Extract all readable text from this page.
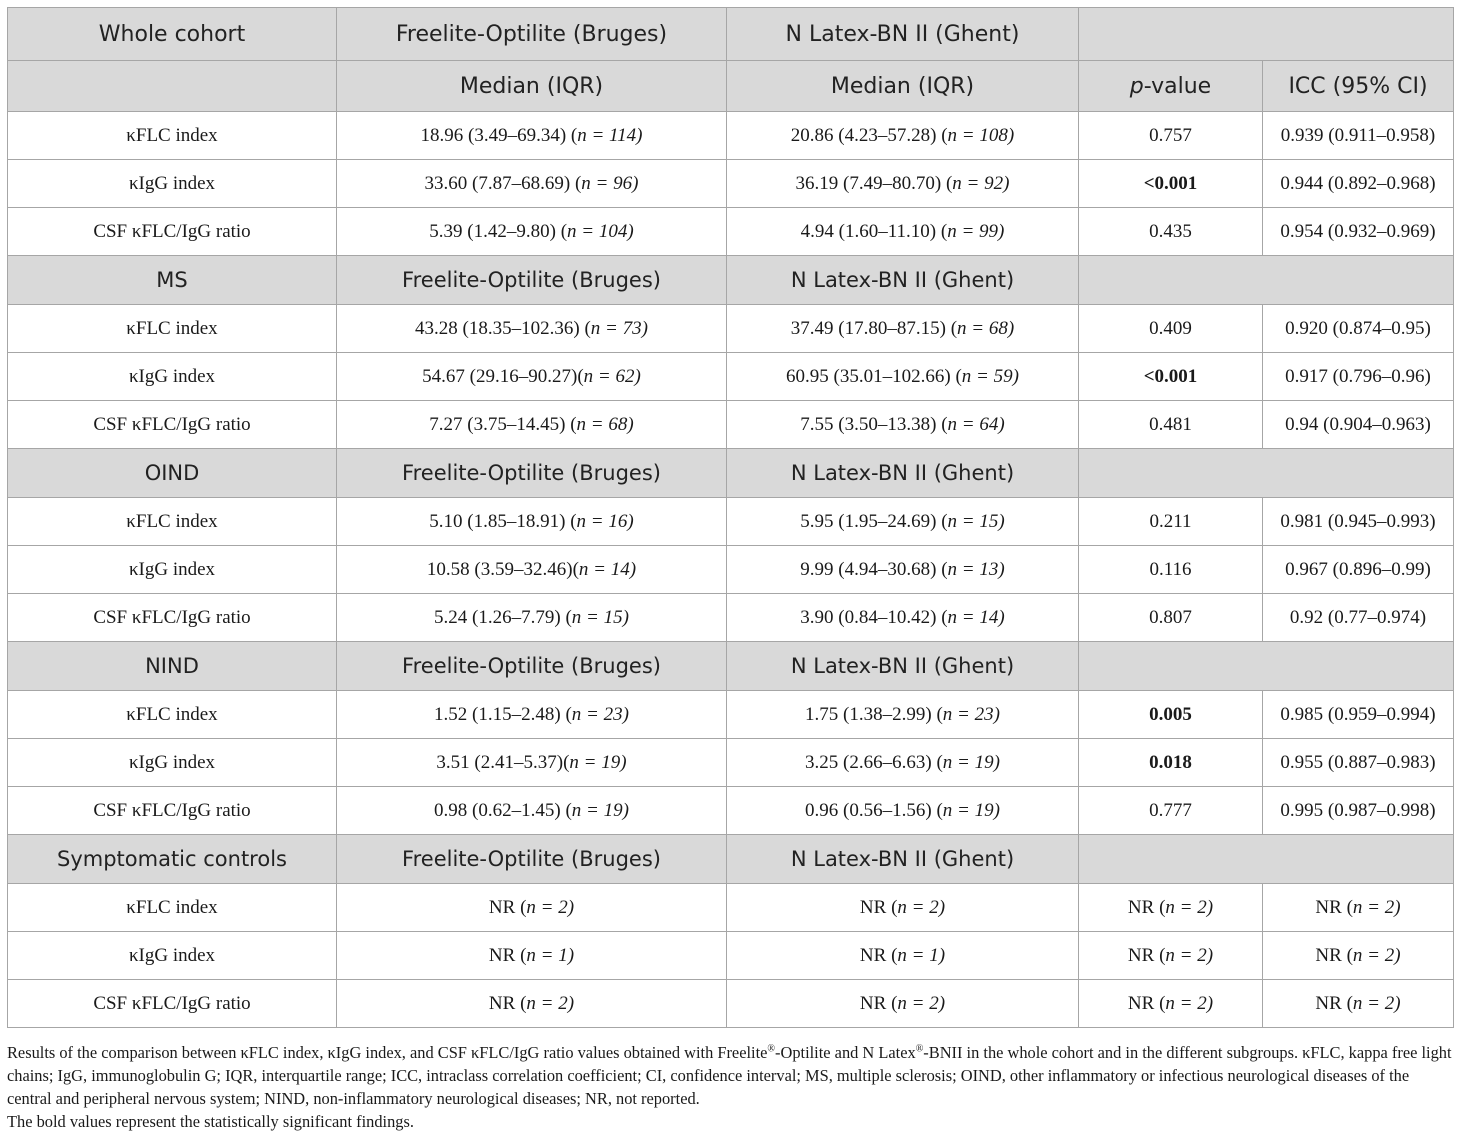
Whole cohort	Freelite-Optilite (Bruges)	N Latex-BN II (Ghent)		
	Median (IQR)	Median (IQR)	p-value	ICC (95% CI)
κFLC index	18.96 (3.49–69.34) (n = 114)	20.86 (4.23–57.28) (n = 108)	0.757	0.939 (0.911–0.958)
κIgG index	33.60 (7.87–68.69) (n = 96)	36.19 (7.49–80.70) (n = 92)	<0.001	0.944 (0.892–0.968)
CSF κFLC/IgG ratio	5.39 (1.42–9.80) (n = 104)	4.94 (1.60–11.10) (n = 99)	0.435	0.954 (0.932–0.969)
MS	Freelite-Optilite (Bruges)	N Latex-BN II (Ghent)		
κFLC index	43.28 (18.35–102.36) (n = 73)	37.49 (17.80–87.15) (n = 68)	0.409	0.920 (0.874–0.95)
κIgG index	54.67 (29.16–90.27)(n = 62)	60.95 (35.01–102.66) (n = 59)	<0.001	0.917 (0.796–0.96)
CSF κFLC/IgG ratio	7.27 (3.75–14.45) (n = 68)	7.55 (3.50–13.38) (n = 64)	0.481	0.94 (0.904–0.963)
OIND	Freelite-Optilite (Bruges)	N Latex-BN II (Ghent)		
κFLC index	5.10 (1.85–18.91) (n = 16)	5.95 (1.95–24.69) (n = 15)	0.211	0.981 (0.945–0.993)
κIgG index	10.58 (3.59–32.46)(n = 14)	9.99 (4.94–30.68) (n = 13)	0.116	0.967 (0.896–0.99)
CSF κFLC/IgG ratio	5.24 (1.26–7.79) (n = 15)	3.90 (0.84–10.42) (n = 14)	0.807	0.92 (0.77–0.974)
NIND	Freelite-Optilite (Bruges)	N Latex-BN II (Ghent)		
κFLC index	1.52 (1.15–2.48) (n = 23)	1.75 (1.38–2.99) (n = 23)	0.005	0.985 (0.959–0.994)
κIgG index	3.51 (2.41–5.37)(n = 19)	3.25 (2.66–6.63) (n = 19)	0.018	0.955 (0.887–0.983)
CSF κFLC/IgG ratio	0.98 (0.62–1.45) (n = 19)	0.96 (0.56–1.56) (n = 19)	0.777	0.995 (0.987–0.998)
Symptomatic controls	Freelite-Optilite (Bruges)	N Latex-BN II (Ghent)		
κFLC index	NR (n = 2)	NR (n = 2)	NR (n = 2)	NR (n = 2)
κIgG index	NR (n = 1)	NR (n = 1)	NR (n = 2)	NR (n = 2)
CSF κFLC/IgG ratio	NR (n = 2)	NR (n = 2)	NR (n = 2)	NR (n = 2)

Results of the comparison between κFLC index, κIgG index, and CSF κFLC/IgG ratio values obtained with Freelite®-Optilite and N Latex®-BNII in the whole cohort and in the different subgroups. κFLC, kappa free light chains; IgG, immunoglobulin G; IQR, interquartile range; ICC, intraclass correlation coefficient; CI, confidence interval; MS, multiple sclerosis; OIND, other inflammatory or infectious neurological diseases of the central and peripheral nervous system; NIND, non-inflammatory neurological diseases; NR, not reported.

The bold values represent the statistically significant findings.
